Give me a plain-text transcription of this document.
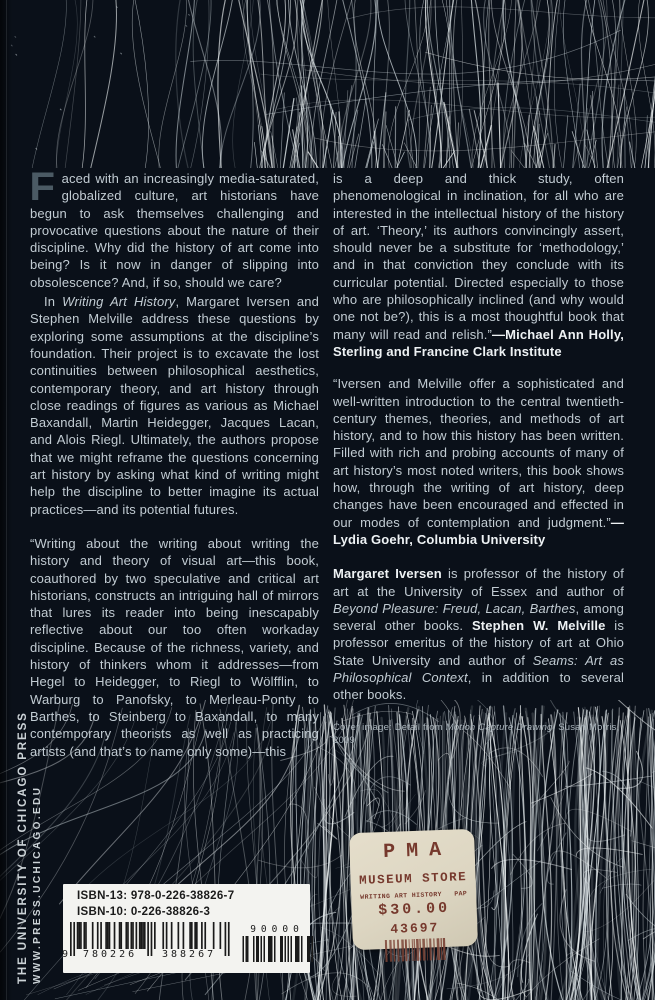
Faced with an increasingly media-saturated, globalized culture, art historians have begun to ask themselves challenging and provocative questions about the nature of their discipline. Why did the history of art come into being? Is it now in danger of slipping into obsolescence? And, if so, should we care?

In Writing Art History, Margaret Iversen and Stephen Melville address these questions by exploring some assumptions at the discipline’s foundation. Their project is to excavate the lost continuities between philosophical aesthetics, contemporary theory, and art history through close readings of figures as various as Michael Baxandall, Martin Heidegger, Jacques Lacan, and Alois Riegl. Ultimately, the authors propose that we might reframe the questions concerning art history by asking what kind of writing might help the discipline to better imagine its actual practices—and its potential futures.

“Writing about the writing about writing the history and theory of visual art—this book, coauthored by two speculative and critical art historians, constructs an intriguing hall of mirrors that lures its reader into being inescapably reflective about our too often workaday discipline. Because of the richness, variety, and history of thinkers whom it addresses—from Hegel to Heidegger, to Riegl to Wölfflin, to Warburg to Panofsky, to Merleau-Ponty to Barthes, to Steinberg to Baxandall, to many contemporary theorists as well as practicing artists (and that’s to name only some)—this

is a deep and thick study, often phenomenological in inclination, for all who are interested in the intellectual history of the history of art. ‘Theory,’ its authors convincingly assert, should never be a substitute for ‘methodology,’ and in that conviction they conclude with its curricular potential. Directed especially to those who are philosophically inclined (and why would one not be?), this is a most thoughtful book that many will read and relish.”—Michael Ann Holly, Sterling and Francine Clark Institute

“Iversen and Melville offer a sophisticated and well-written introduction to the central twentieth-century themes, theories, and methods of art history, and to how this history has been written. Filled with rich and probing accounts of many of art history’s most noted writers, this book shows how, through the writing of art history, deep changes have been encouraged and effected in our modes of contemplation and judgment.”—Lydia Goehr, Columbia University

Margaret Iversen is professor of the history of art at the University of Essex and author of Beyond Pleasure: Freud, Lacan, Barthes, among several other books. Stephen W. Melville is professor emeritus of the history of art at Ohio State University and author of Seams: Art as Philosophical Context, in addition to several other books.

Cover image: Detail from Motion Capture Drawing, Susan Morris, 2009

THE UNIVERSITY OF CHICAGO PRESS WWW.PRESS.UCHICAGO.EDU	ISBN-13: 978-0-226-38826-7
ISBN-10: 0-226-38826-3
90000
9 780226 388267
PMA
MUSEUM STORE
WRITING ART HISTORY PAP
$30.00
43697
